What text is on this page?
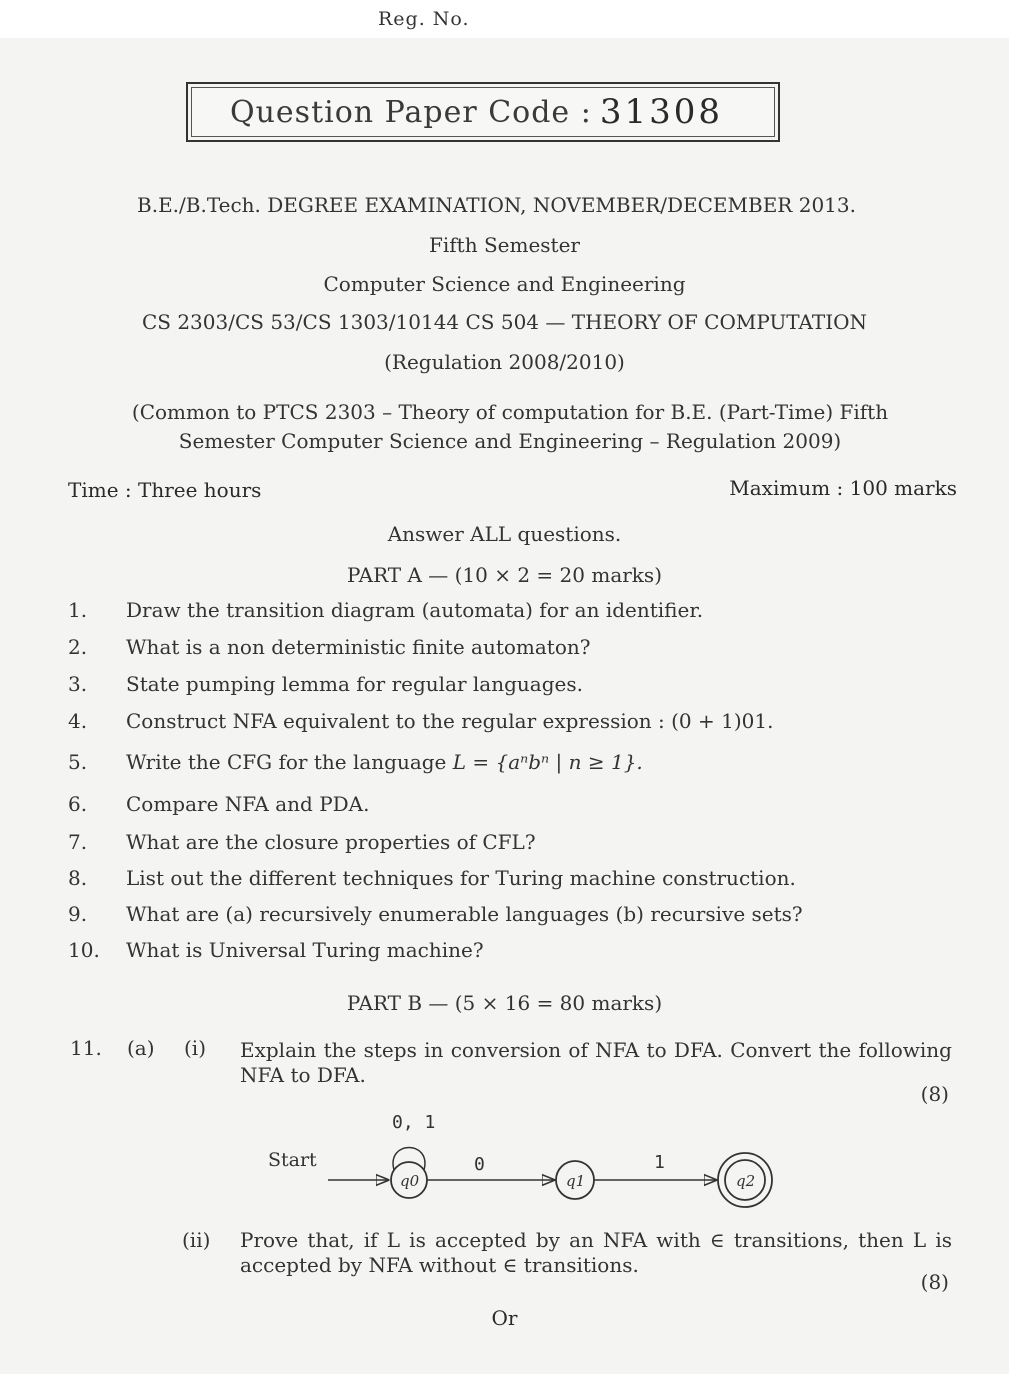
Reg. No.
Question Paper Code : 31308
B.E./B.Tech. DEGREE EXAMINATION, NOVEMBER/DECEMBER 2013.
Fifth Semester
Computer Science and Engineering
CS 2303/CS 53/CS 1303/10144 CS 504 — THEORY OF COMPUTATION
(Regulation 2008/2010)
(Common to PTCS 2303 – Theory of computation for B.E. (Part-Time) Fifth Semester Computer Science and Engineering – Regulation 2009)
Time : Three hours	Maximum : 100 marks
Answer ALL questions.
PART A — (10 × 2 = 20 marks)
1.	Draw the transition diagram (automata) for an identifier.
2.	What is a non deterministic finite automaton?
3.	State pumping lemma for regular languages.
4.	Construct NFA equivalent to the regular expression : (0 + 1)01.
5.	Write the CFG for the language L = {aⁿbⁿ | n ≥ 1}.
6.	Compare NFA and PDA.
7.	What are the closure properties of CFL?
8.	List out the different techniques for Turing machine construction.
9.	What are (a) recursively enumerable languages (b) recursive sets?
10. What is Universal Turing machine?
PART B — (5 × 16 = 80 marks)
11. (a) (i) Explain the steps in conversion of NFA to DFA. Convert the following NFA to DFA.
(8)
Start
0, 1
q0
0
q1
1
q2
(ii) Prove that, if L is accepted by an NFA with ∈ transitions, then L is accepted by NFA without ∈ transitions.
(8)
Or
